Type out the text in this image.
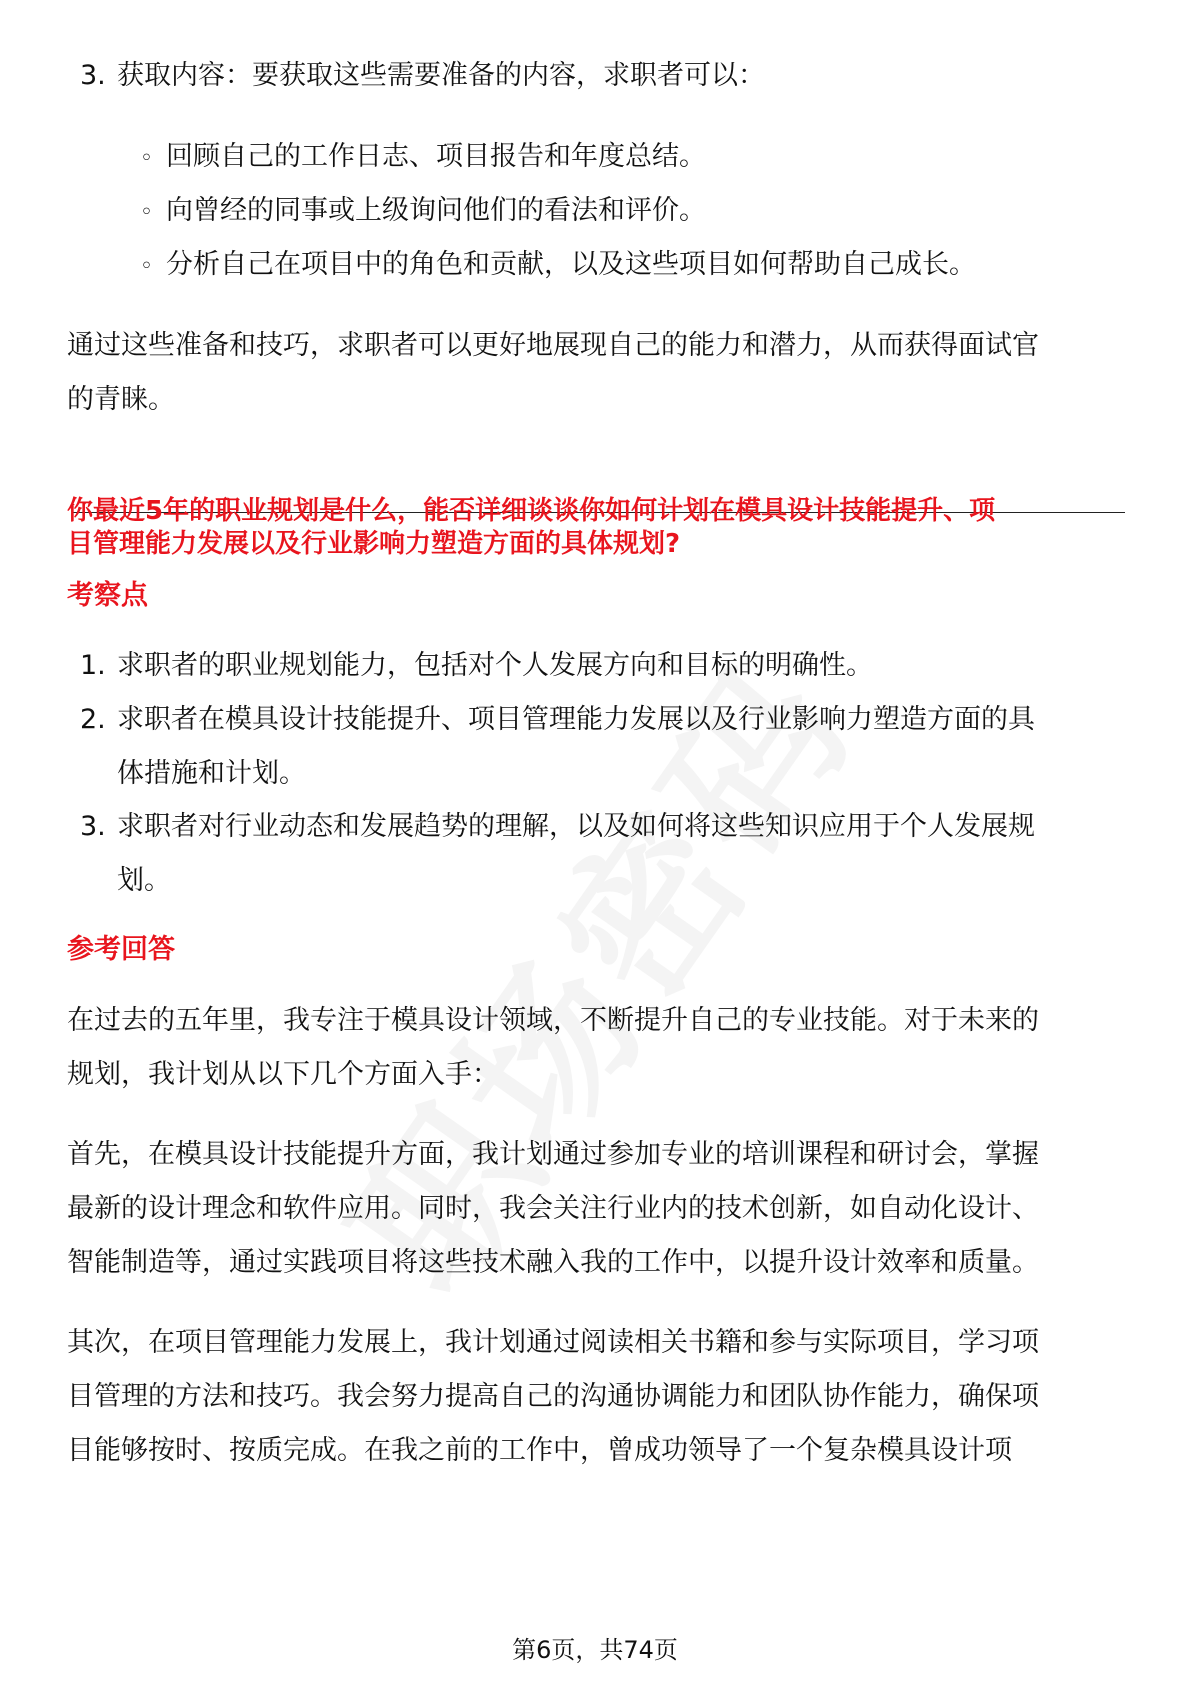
3. 获取内容：要获取这些需要准备的内容，求职者可以：
◦ 回顾自己的工作日志、项目报告和年度总结。
◦ 向曾经的同事或上级询问他们的看法和评价。
◦ 分析自己在项目中的角色和贡献，以及这些项目如何帮助自己成长。
通过这些准备和技巧，求职者可以更好地展现自己的能力和潜力，从而获得面试官
的青睐。
你最近5年的职业规划是什么，能否详细谈谈你如何计划在模具设计技能提升、项
目管理能力发展以及行业影响力塑造方面的具体规划?
考察点
1. 求职者的职业规划能力，包括对个人发展方向和目标的明确性。
2. 求职者在模具设计技能提升、项目管理能力发展以及行业影响力塑造方面的具
体措施和计划。
3. 求职者对行业动态和发展趋势的理解，以及如何将这些知识应用于个人发展规
划。
参考回答
在过去的五年里，我专注于模具设计领域，不断提升自己的专业技能。对于未来的
规划，我计划从以下几个方面入手：
首先，在模具设计技能提升方面，我计划通过参加专业的培训课程和研讨会，掌握
最新的设计理念和软件应用。同时，我会关注行业内的技术创新，如自动化设计、
智能制造等，通过实践项目将这些技术融入我的工作中，以提升设计效率和质量。
其次，在项目管理能力发展上，我计划通过阅读相关书籍和参与实际项目，学习项
目管理的方法和技巧。我会努力提高自己的沟通协调能力和团队协作能力，确保项
目能够按时、按质完成。在我之前的工作中，曾成功领导了一个复杂模具设计项
第6页，共74页
